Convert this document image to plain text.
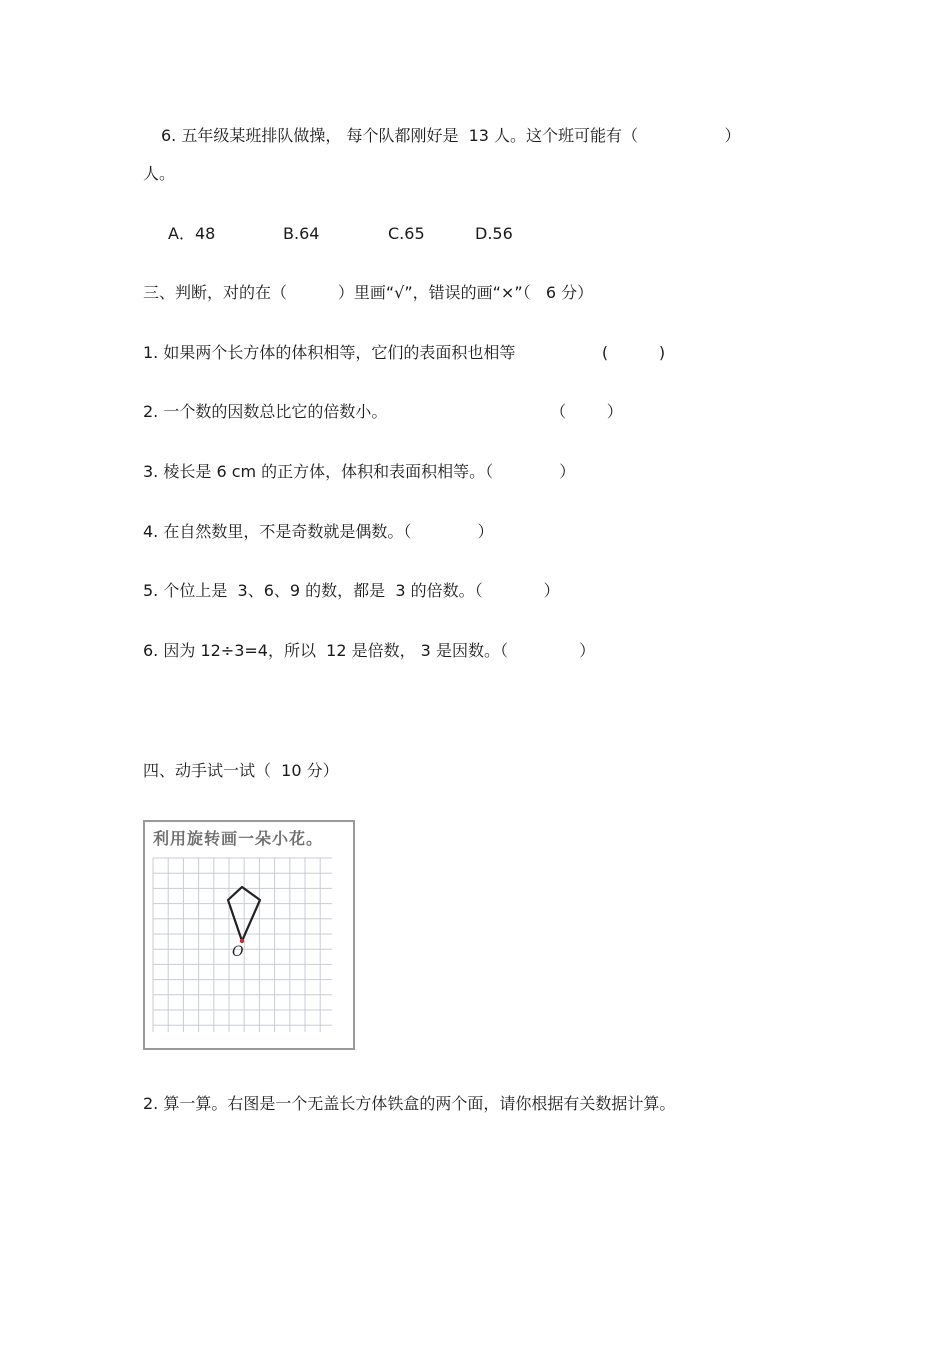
6. 五年级某班排队做操， 每个队都刚好是  13 人。这个班可能有（                 ）
人。
A．48	B.64	C.65	D.56
三、判断，对的在（          ）里画“√”，错误的画“×”（   6 分）
1. 如果两个长方体的体积相等，它们的表面积也相等                 (          )
2. 一个数的因数总比它的倍数小。                                （        ）
3. 棱长是 6 cm 的正方体，体积和表面积相等。（             ）
4. 在自然数里，不是奇数就是偶数。（             ）
5. 个位上是  3、6、9 的数，都是  3 的倍数。（            ）
6. 因为 12÷3=4，所以  12 是倍数， 3 是因数。（              ）
四、动手试一试（  10 分）
利用旋转画一朵小花。
O
2. 算一算。右图是一个无盖长方体铁盒的两个面，请你根据有关数据计算。
